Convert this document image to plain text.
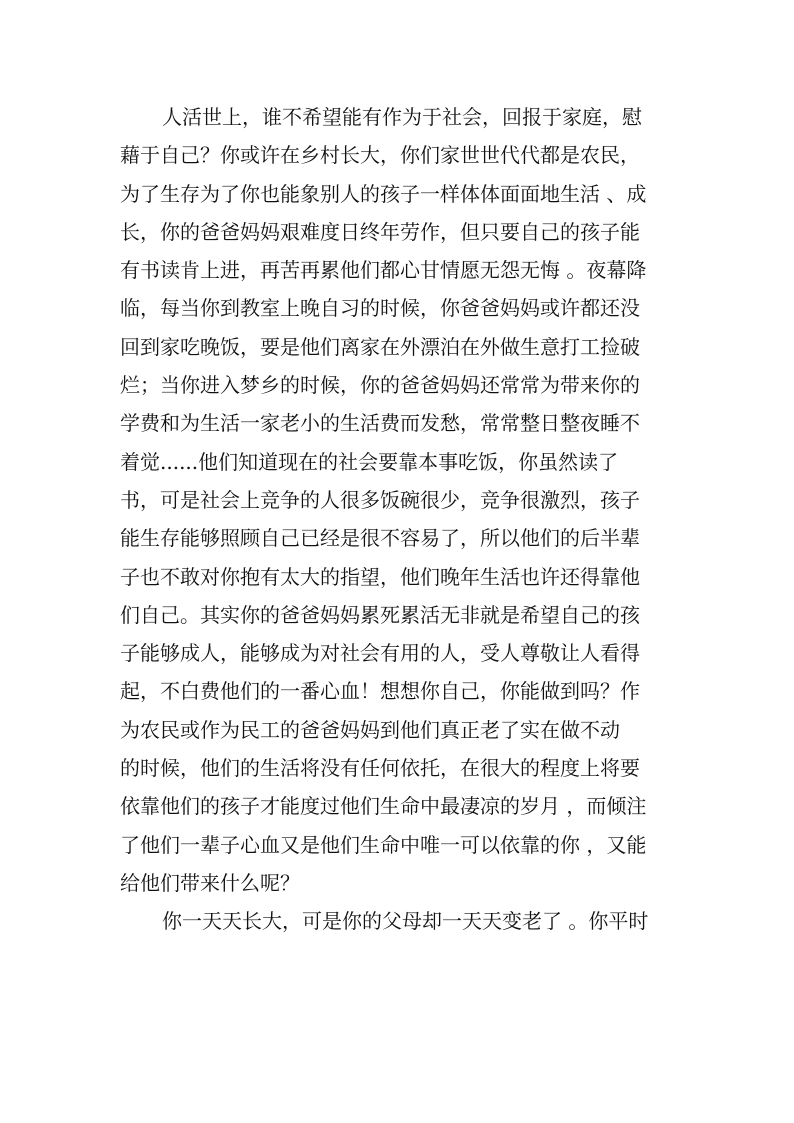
人活世上，谁不希望能有作为于社会，回报于家庭，慰
藉于自己？你或许在乡村长大，你们家世世代代都是农民，
为了生存为了你也能象别人的孩子一样体体面面地生活 、成
长，你的爸爸妈妈艰难度日终年劳作，但只要自己的孩子能
有书读肯上进，再苦再累他们都心甘情愿无怨无悔 。夜幕降
临，每当你到教室上晚自习的时候，你爸爸妈妈或许都还没
回到家吃晚饭，要是他们离家在外漂泊在外做生意打工捡破
烂；当你进入梦乡的时候，你的爸爸妈妈还常常为带来你的
学费和为生活一家老小的生活费而发愁，常常整日整夜睡不
着觉......他们知道现在的社会要靠本事吃饭，你虽然读了
书，可是社会上竞争的人很多饭碗很少，竞争很激烈，孩子
能生存能够照顾自己已经是很不容易了，所以他们的后半辈
子也不敢对你抱有太大的指望，他们晚年生活也许还得靠他
们自己。其实你的爸爸妈妈累死累活无非就是希望自己的孩
子能够成人，能够成为对社会有用的人，受人尊敬让人看得
起，不白费他们的一番心血！想想你自己，你能做到吗？作
为农民或作为民工的爸爸妈妈到他们真正老了实在做不动
的时候，他们的生活将没有任何依托，在很大的程度上将要
依靠他们的孩子才能度过他们生命中最凄凉的岁月 ，而倾注
了他们一辈子心血又是他们生命中唯一可以依靠的你 ，又能
给他们带来什么呢？
你一天天长大，可是你的父母却一天天变老了 。你平时
